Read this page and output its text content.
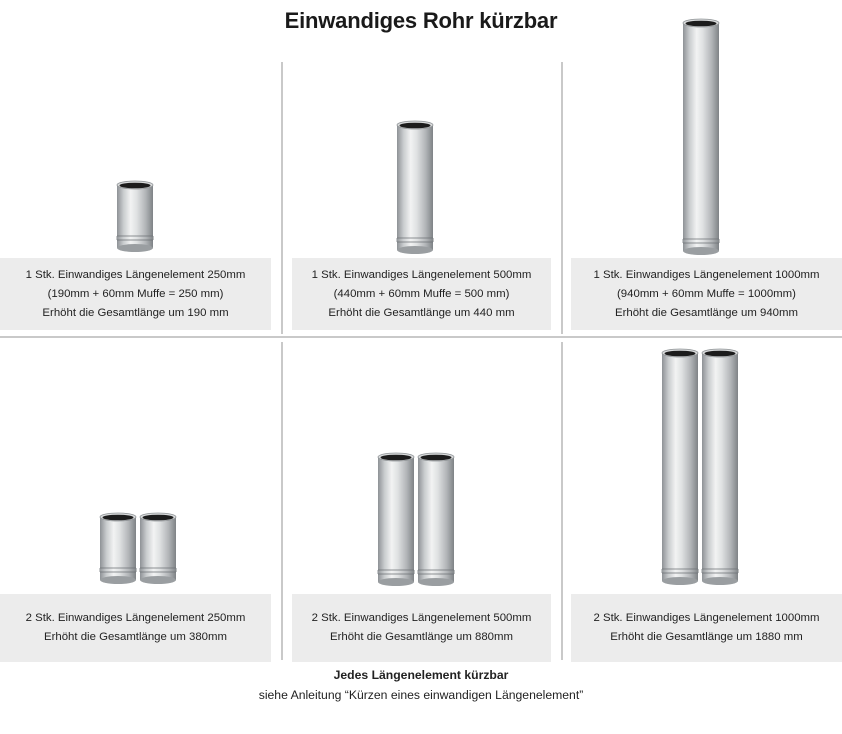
Einwandiges Rohr kürzbar
1 Stk. Einwandiges Längenelement 250mm
(190mm + 60mm Muffe = 250 mm)
Erhöht die Gesamtlänge um 190 mm
1 Stk. Einwandiges Längenelement 500mm
(440mm + 60mm Muffe = 500 mm)
Erhöht die Gesamtlänge um 440 mm
1 Stk. Einwandiges Längenelement 1000mm
(940mm + 60mm Muffe = 1000mm)
Erhöht die Gesamtlänge um 940mm
2 Stk. Einwandiges Längenelement 250mm
Erhöht die Gesamtlänge um 380mm
2 Stk. Einwandiges Längenelement 500mm
Erhöht die Gesamtlänge um 880mm
2 Stk. Einwandiges Längenelement 1000mm
Erhöht die Gesamtlänge um 1880 mm
Jedes Längenelement kürzbar
siehe Anleitung “Kürzen eines einwandigen Längenelement”
